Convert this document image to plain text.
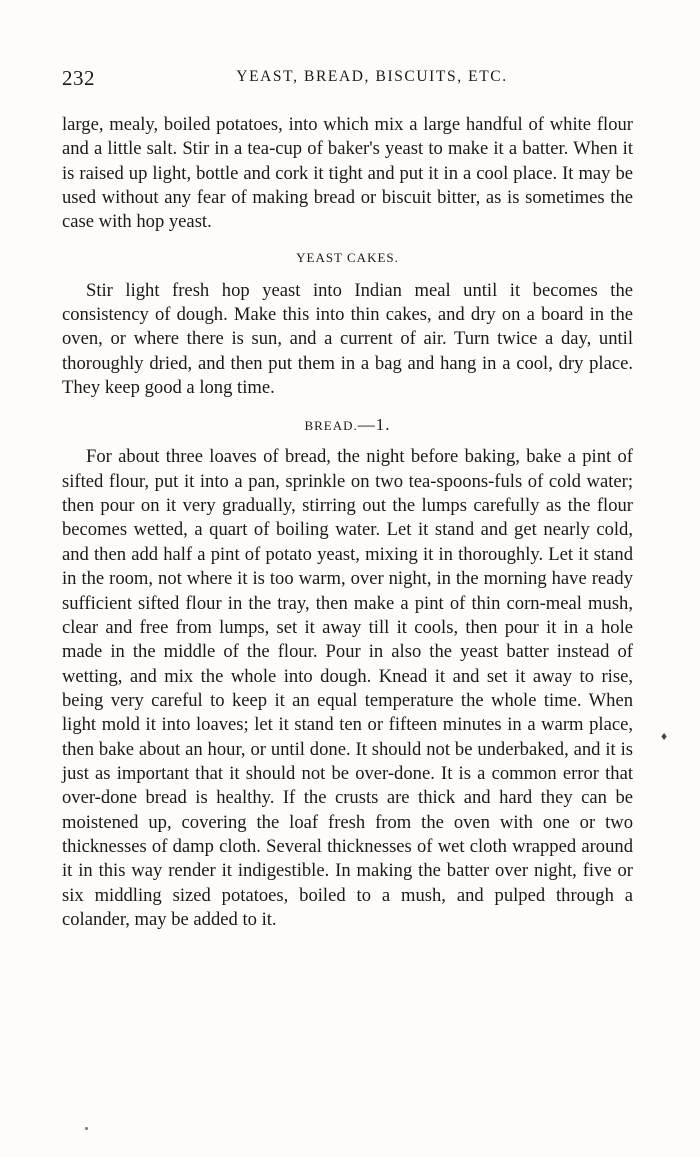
232	YEAST, BREAD, BISCUITS, ETC.

large, mealy, boiled potatoes, into which mix a large handful of white flour and a little salt. Stir in a tea-cup of baker's yeast to make it a batter. When it is raised up light, bottle and cork it tight and put it in a cool place. It may be used without any fear of making bread or biscuit bitter, as is sometimes the case with hop yeast.

YEAST CAKES.

Stir light fresh hop yeast into Indian meal until it becomes the consistency of dough. Make this into thin cakes, and dry on a board in the oven, or where there is sun, and a current of air. Turn twice a day, until thoroughly dried, and then put them in a bag and hang in a cool, dry place. They keep good a long time.

BREAD.—1.

For about three loaves of bread, the night before baking, bake a pint of sifted flour, put it into a pan, sprinkle on two tea-spoons-fuls of cold water; then pour on it very gradually, stirring out the lumps carefully as the flour becomes wetted, a quart of boiling water. Let it stand and get nearly cold, and then add half a pint of potato yeast, mixing it in thoroughly. Let it stand in the room, not where it is too warm, over night, in the morning have ready sufficient sifted flour in the tray, then make a pint of thin corn-meal mush, clear and free from lumps, set it away till it cools, then pour it in a hole made in the middle of the flour. Pour in also the yeast batter instead of wetting, and mix the whole into dough. Knead it and set it away to rise, being very careful to keep it an equal temperature the whole time. When light mold it into loaves; let it stand ten or fifteen minutes in a warm place, then bake about an hour, or until done. It should not be underbaked, and it is just as important that it should not be over-done. It is a common error that over-done bread is healthy. If the crusts are thick and hard they can be moistened up, covering the loaf fresh from the oven with one or two thicknesses of damp cloth. Several thicknesses of wet cloth wrapped around it in this way render it indigestible. In making the batter over night, five or six middling sized potatoes, boiled to a mush, and pulped through a colander, may be added to it.

♦
